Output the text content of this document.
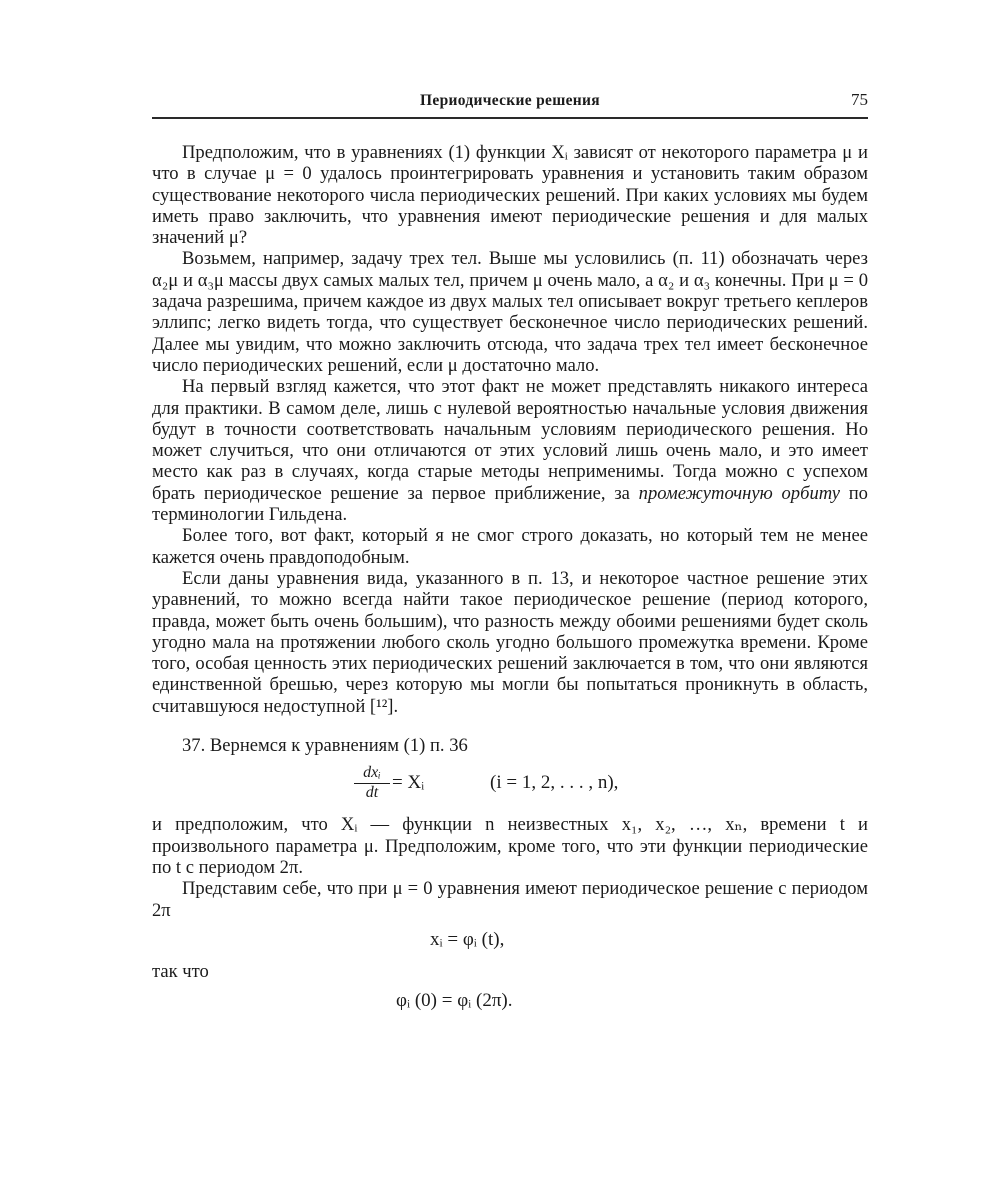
Периодические решения	75

Предположим, что в уравнениях (1) функции Xᵢ зависят от некоторого параметра μ и что в случае μ = 0 удалось проинтегрировать уравнения и установить таким образом существование некоторого числа периодических решений. При каких условиях мы будем иметь право заключить, что уравнения имеют периодические решения и для малых значений μ?

Возьмем, например, задачу трех тел. Выше мы условились (п. 11) обозначать через α₂μ и α₃μ массы двух самых малых тел, причем μ очень мало, а α₂ и α₃ конечны. При μ = 0 задача разрешима, причем каждое из двух малых тел описывает вокруг третьего кеплеров эллипс; легко видеть тогда, что существует бесконечное число периодических решений. Далее мы увидим, что можно заключить отсюда, что задача трех тел имеет бесконечное число периодических решений, если μ достаточно мало.

На первый взгляд кажется, что этот факт не может представлять никакого интереса для практики. В самом деле, лишь с нулевой вероятностью начальные условия движения будут в точности соответствовать начальным условиям периодического решения. Но может случиться, что они отличаются от этих условий лишь очень мало, и это имеет место как раз в случаях, когда старые методы неприменимы. Тогда можно с успехом брать периодическое решение за первое приближение, за промежуточную орбиту по терминологии Гильдена.

Более того, вот факт, который я не смог строго доказать, но который тем не менее кажется очень правдоподобным.

Если даны уравнения вида, указанного в п. 13, и некоторое частное решение этих уравнений, то можно всегда найти такое периодическое решение (период которого, правда, может быть очень большим), что разность между обоими решениями будет сколь угодно мала на протяжении любого сколь угодно большого промежутка времени. Кроме того, особая ценность этих периодических решений заключается в том, что они являются единственной брешью, через которую мы могли бы попытаться проникнуть в область, считавшуюся недоступной [¹²].

37. Вернемся к уравнениям (1) п. 36

dxᵢ
dt = Xᵢ	(i = 1, 2, . . . , n),

и предположим, что Xᵢ — функции n неизвестных x₁, x₂, …, xₙ, времени t и произвольного параметра μ. Предположим, кроме того, что эти функции периодические по t с периодом 2π.

Представим себе, что при μ = 0 уравнения имеют периодическое решение с периодом 2π

xᵢ = φᵢ (t),

так что

φᵢ (0) = φᵢ (2π).
